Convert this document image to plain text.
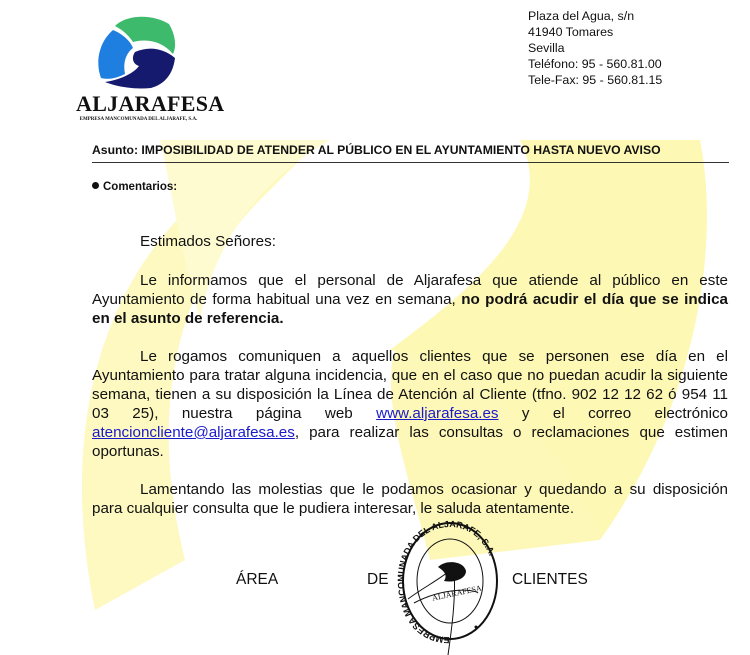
ALJARAFESA
EMPRESA MANCOMUNADA DEL ALJARAFE, S.A.
Plaza del Agua, s/n
41940 Tomares
Sevilla
Teléfono: 95 - 560.81.00
Tele-Fax: 95 - 560.81.15
Asunto: IMPOSIBILIDAD DE ATENDER AL PÚBLICO EN EL AYUNTAMIENTO HASTA NUEVO AVISO
Comentarios:

Estimados Señores:

Le informamos que el personal de Aljarafesa que atiende al público en este Ayuntamiento de forma habitual una vez en semana, no podrá acudir el día que se indica en el asunto de referencia.

Le rogamos comuniquen a aquellos clientes que se personen ese día en el Ayuntamiento para tratar alguna incidencia, que en el caso que no puedan acudir la siguiente semana, tienen a su disposición la Línea de Atención al Cliente (tfno. 902 12 12 62 ó 954 11 03 25), nuestra página web www.aljarafesa.es y el correo electrónico atencioncliente@aljarafesa.es, para realizar las consultas o reclamaciones que estimen oportunas.

Lamentando las molestias que le podamos ocasionar y quedando a su disposición para cualquier consulta que le pudiera interesar, le saluda atentamente.

ÁREA	DE	CLIENTES
EMPRESA MANCOMUNADA DEL ALJARAFE, S.A.
ALJARAFESA
